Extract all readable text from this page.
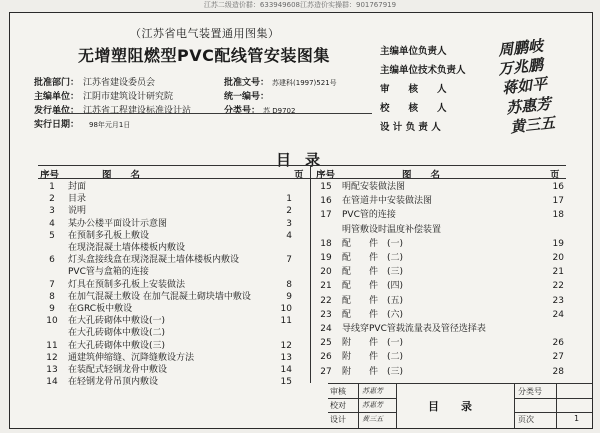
江苏二级造价群：633949608江苏造价实操群：901767919
（江苏省电气装置通用图集）
无增塑阻燃型PVC配线管安装图集
批准部门： 江苏省建设委员会	批准文号： 苏建科(1997)521号
主编单位： 江阴市建筑设计研究院	统一编号：
发行单位： 江苏省工程建设标准设计站	分类号： 苏 D9702
实行日期： 98年元月1日
主编单位负责人
主编单位技术负责人
审　　核　　人
校　　核　　人
设 计 负 责 人
周鹏岐
万兆鹏
蒋如平
苏惠芳
黄三五
目录
序号	图　　名	页 序号	图　　名	页
1	封面
2	目录	1
3	说明	2
4	某办公楼平面设计示意图	3
5	在预制多孔板上敷设	4
在现浇混凝土墙体楼板内敷设
6	灯头盒接线盒在现浇混凝土墙体楼板内敷设	7
PVC管与盒箱的连接
7	灯具在预制多孔板上安装做法	8
8	在加气混凝土敷设 在加气混凝土砌块墙中敷设	9
9	在GRC板中敷设	10
10	在大孔砖砌体中敷设(一)	11
在大孔砖砌体中敷设(二)
11	在大孔砖砌体中敷设(三)	12
12	通建筑伸缩缝、沉降缝敷设方法	13
13	在装配式轻钢龙骨中敷设	14
14	在轻钢龙骨吊顶内敷设	15
15	明配安装做法图	16
16	在管道井中安装做法图	17
17	PVC管的连接	18
明管敷设时温度补偿装置
18	配　　件　(一)	19
19	配　　件　(二)	20
20	配　　件　(三)	21
21	配　　件　(四)	22
22	配　　件　(五)	23
23	配　　件　(六)	24
24	导线穿PVC管载流量表及管径选择表
25	附　　件　(一)	26
26	附　　件　(二)	27
27	附　　件　(三)	28
审核
校对
设计
苏惠芳
苏惠芳
黄三五
目　　录
分类号
页次	1
